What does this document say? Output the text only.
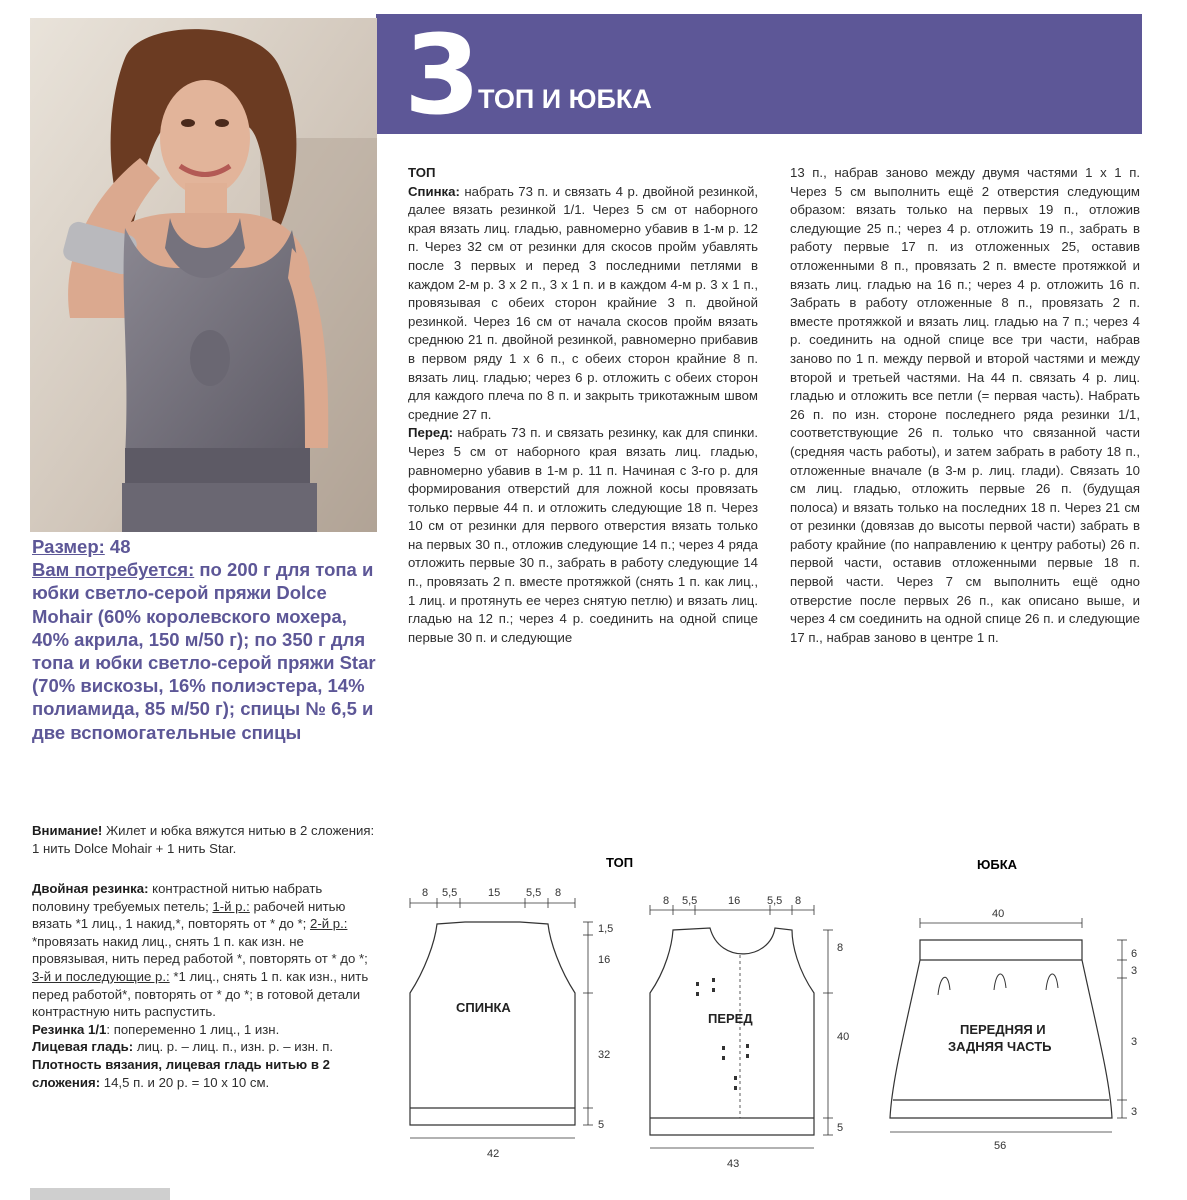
3 ТОП И ЮБКА
Размер: 48
Вам потребуется: по 200 г для топа и юбки светло-серой пряжи Dolce Mohair (60% королевского мохера, 40% акрила, 150 м/50 г); по 350 г для топа и юбки светло-серой пряжи Star (70% вискозы, 16% полиэстера, 14% полиамида, 85 м/50 г); спицы № 6,5 и две вспомогательные спицы
Внимание! Жилет и юбка вяжутся нитью в 2 сложения: 1 нить Dolce Mohair + 1 нить Star.
Двойная резинка: контрастной нитью набрать половину требуемых петель; 1-й р.: рабочей нитью вязать *1 лиц., 1 накид,*, повторять от * до *; 2-й р.: *провязать накид лиц., снять 1 п. как изн. не провязывая, нить перед работой *, повторять от * до *; 3-й и последующие р.: *1 лиц., снять 1 п. как изн., нить перед работой*, повторять от * до *; в готовой детали контрастную нить распустить.
Резинка 1/1: попеременно 1 лиц., 1 изн.
Лицевая гладь: лиц. р. – лиц. п., изн. р. – изн. п.
Плотность вязания, лицевая гладь нитью в 2 сложения: 14,5 п. и 20 р. = 10 х 10 см.
ТОП
Спинка: набрать 73 п. и связать 4 р. двойной резинкой, далее вязать резинкой 1/1. Через 5 см от наборного края вязать лиц. гладью, равномерно убавив в 1-м р. 12 п. Через 32 см от резинки для скосов пройм убавлять после 3 первых и перед 3 последними петлями в каждом 2-м р. 3 х 2 п., 3 х 1 п. и в каждом 4-м р. 3 х 1 п., провязывая с обеих сторон крайние 3 п. двойной резинкой. Через 16 см от начала скосов пройм вязать среднюю 21 п. двойной резинкой, равномерно прибавив в первом ряду 1 х 6 п., с обеих сторон крайние 8 п. вязать лиц. гладью; через 6 р. отложить с обеих сторон для каждого плеча по 8 п. и закрыть трикотажным швом средние 27 п.
Перед: набрать 73 п. и связать резинку, как для спинки. Через 5 см от наборного края вязать лиц. гладью, равномерно убавив в 1-м р. 11 п. Начиная с 3-го р. для формирования отверстий для ложной косы провязать только первые 44 п. и отложить следующие 18 п. Через 10 см от резинки для первого отверстия вязать только на первых 30 п., отложив следующие 14 п.; через 4 ряда отложить первые 30 п., забрать в работу следующие 14 п., провязать 2 п. вместе протяжкой (снять 1 п. как лиц., 1 лиц. и протянуть ее через снятую петлю) и вязать лиц. гладью на 12 п.; через 4 р. соединить на одной спице первые 30 п. и следующие
13 п., набрав заново между двумя частями 1 х 1 п. Через 5 см выполнить ещё 2 отверстия следующим образом: вязать только на первых 19 п., отложив следующие 25 п.; через 4 р. отложить 19 п., забрать в работу первые 17 п. из отложенных 25, оставив отложенными 8 п., провязать 2 п. вместе протяжкой и вязать лиц. гладью на 16 п.; через 4 р. отложить 16 п. Забрать в работу отложенные 8 п., провязать 2 п. вместе протяжкой и вязать лиц. гладью на 7 п.; через 4 р. соединить на одной спице все три части, набрав заново по 1 п. между первой и второй частями и между второй и третьей частями. На 44 п. связать 4 р. лиц. гладью и отложить все петли (= первая часть). Набрать 26 п. по изн. стороне последнего ряда резинки 1/1, соответствующие 26 п. только что связанной части (средняя часть работы), и затем забрать в работу 18 п., отложенные вначале (в 3-м р. лиц. глади). Связать 10 см лиц. гладью, отложить первые 26 п. (будущая полоса) и вязать только на последних 18 п. Через 21 см от резинки (довязав до высоты первой части) забрать в работу крайние (по направлению к центру работы) 26 п. первой части, оставив отложенными первые 18 п. первой части. Через 7 см выполнить ещё одно отверстие после первых 26 п., как описано выше, и через 4 см соединить на одной спице 26 п. и следующие 17 п., набрав заново в центре 1 п.
ТОП	ЮБКА
СПИНКА
8 5,5	15 5,5 8
1,5
16
32
5
42
ПЕРЕД
8 5,5	16 5,5 8
8
40
5
43
ПЕРЕДНЯЯ И
ЗАДНЯЯ ЧАСТЬ
40
6
3
3
3
56
